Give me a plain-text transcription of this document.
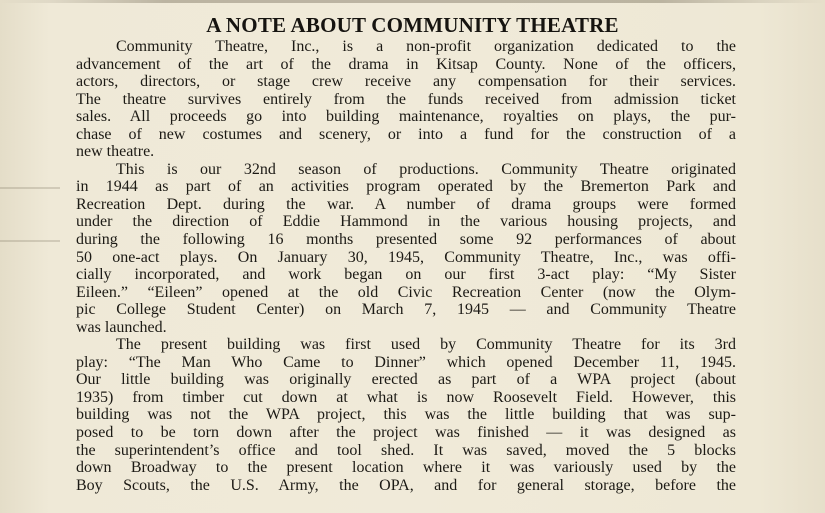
A NOTE ABOUT COMMUNITY THEATRE
Community Theatre, Inc., is a non-profit organization dedicated to the
advancement of the art of the drama in Kitsap County. None of the officers,
actors, directors, or stage crew receive any compensation for their services.
The theatre survives entirely from the funds received from admission ticket
sales. All proceeds go into building maintenance, royalties on plays, the pur-
chase of new costumes and scenery, or into a fund for the construction of a
new theatre.
This is our 32nd season of productions. Community Theatre originated
in 1944 as part of an activities program operated by the Bremerton Park and
Recreation Dept. during the war. A number of drama groups were formed
under the direction of Eddie Hammond in the various housing projects, and
during the following 16 months presented some 92 performances of about
50 one-act plays. On January 30, 1945, Community Theatre, Inc., was offi-
cially incorporated, and work began on our first 3-act play: “My Sister
Eileen.” “Eileen” opened at the old Civic Recreation Center (now the Olym-
pic College Student Center) on March 7, 1945 — and Community Theatre
was launched.
The present building was first used by Community Theatre for its 3rd
play: “The Man Who Came to Dinner” which opened December 11, 1945.
Our little building was originally erected as part of a WPA project (about
1935) from timber cut down at what is now Roosevelt Field. However, this
building was not the WPA project, this was the little building that was sup-
posed to be torn down after the project was finished — it was designed as
the superintendent’s office and tool shed. It was saved, moved the 5 blocks
down Broadway to the present location where it was variously used by the
Boy Scouts, the U.S. Army, the OPA, and for general storage, before the
